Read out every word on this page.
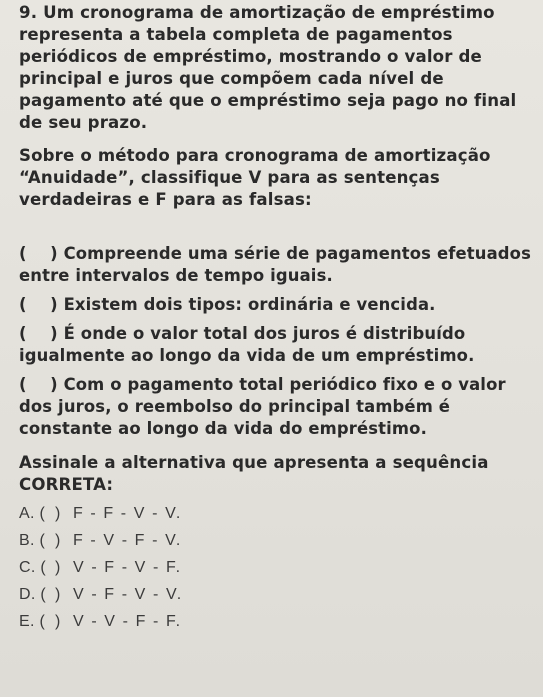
9. Um cronograma de amortização de empréstimo representa a tabela completa de pagamentos periódicos de empréstimo, mostrando o valor de principal e juros que compõem cada nível de pagamento até que o empréstimo seja pago no final de seu prazo.

Sobre o método para cronograma de amortização “Anuidade”, classifique V para as sentenças verdadeiras e F para as falsas:

(    ) Compreende uma série de pagamentos efetuados entre intervalos de tempo iguais.

(    ) Existem dois tipos: ordinária e vencida.

(    ) É onde o valor total dos juros é distribuído igualmente ao longo da vida de um empréstimo.

(    ) Com o pagamento total periódico fixo e o valor dos juros, o reembolso do principal também é constante ao longo da vida do empréstimo.

Assinale a alternativa que apresenta a sequência CORRETA:

A. ( ) F - F - V - V.
B. ( ) F - V - F - V.
C. ( ) V - F - V - F.
D. ( ) V - F - V - V.
E. ( ) V - V - F - F.
